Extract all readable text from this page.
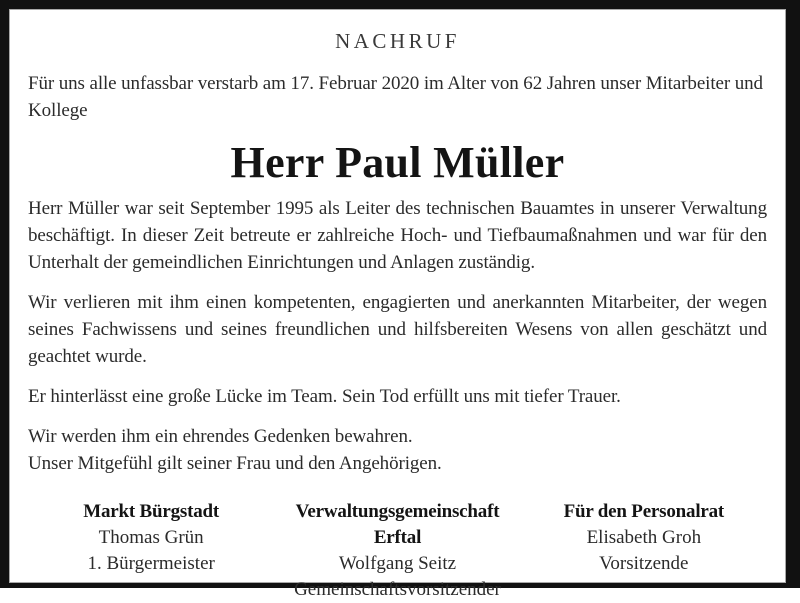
NACHRUF

Für uns alle unfassbar verstarb am 17. Februar 2020 im Alter von 62 Jahren unser Mitarbeiter und Kollege

Herr Paul Müller

Herr Müller war seit September 1995 als Leiter des technischen Bauamtes in unserer Verwaltung beschäftigt. In dieser Zeit betreute er zahlreiche Hoch- und Tiefbaumaßnahmen und war für den Unterhalt der gemeindlichen Einrichtungen und Anlagen zuständig.

Wir verlieren mit ihm einen kompetenten, engagierten und anerkannten Mitarbeiter, der wegen seines Fachwissens und seines freundlichen und hilfsbereiten Wesens von allen geschätzt und geachtet wurde.

Er hinterlässt eine große Lücke im Team. Sein Tod erfüllt uns mit tiefer Trauer.

Wir werden ihm ein ehrendes Gedenken bewahren.
Unser Mitgefühl gilt seiner Frau und den Angehörigen.

Markt Bürgstadt
Thomas Grün
1. Bürgermeister
Verwaltungsgemeinschaft Erftal
Wolfgang Seitz
Gemeinschaftsvorsitzender
Für den Personalrat
Elisabeth Groh
Vorsitzende
